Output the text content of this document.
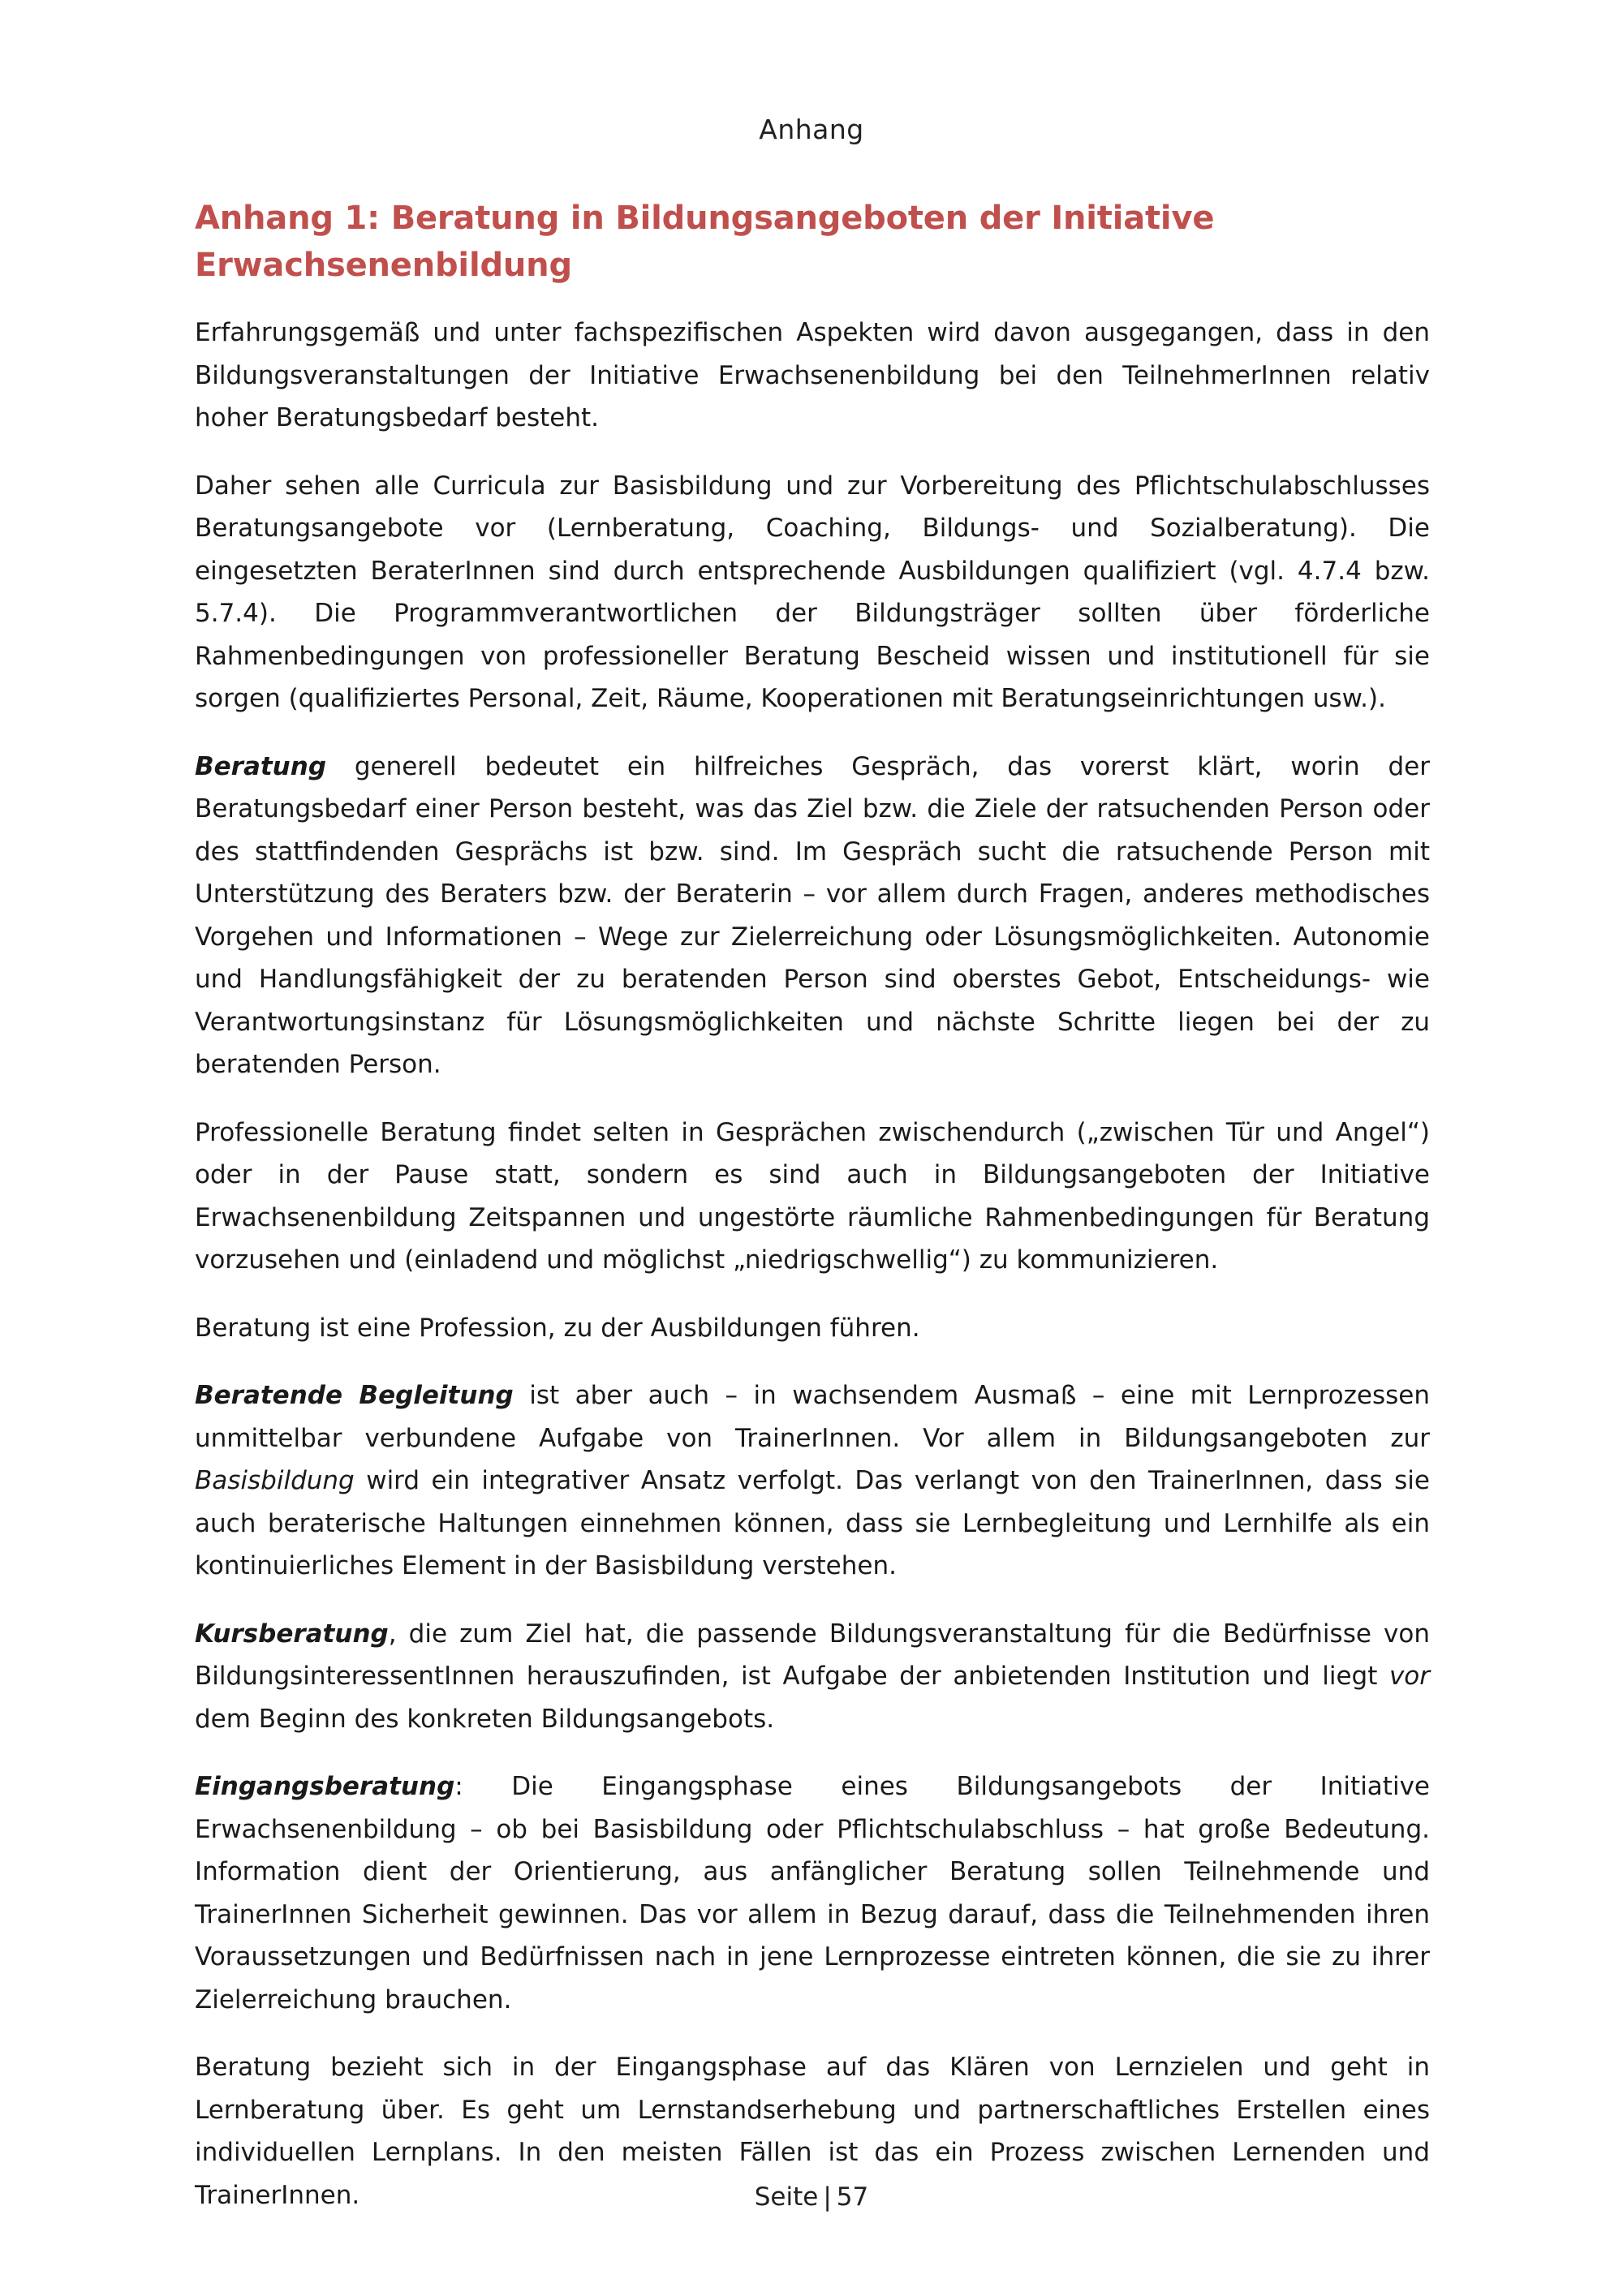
Anhang
Anhang 1: Beratung in Bildungsangeboten der Initiative Erwachsenenbildung

Erfahrungsgemäß und unter fachspezifischen Aspekten wird davon ausgegangen, dass in den Bildungsveranstaltungen der Initiative Erwachsenenbildung bei den TeilnehmerInnen relativ hoher Beratungsbedarf besteht.

Daher sehen alle Curricula zur Basisbildung und zur Vorbereitung des Pflichtschulabschlusses Beratungsangebote vor (Lernberatung, Coaching, Bildungs- und Sozialberatung). Die eingesetzten BeraterInnen sind durch entsprechende Ausbildungen qualifiziert (vgl. 4.7.4 bzw. 5.7.4). Die Programmverantwortlichen der Bildungsträger sollten über förderliche Rahmenbedingungen von professioneller Beratung Bescheid wissen und institutionell für sie sorgen (qualifiziertes Personal, Zeit, Räume, Kooperationen mit Beratungseinrichtungen usw.).

Beratung generell bedeutet ein hilfreiches Gespräch, das vorerst klärt, worin der Beratungsbedarf einer Person besteht, was das Ziel bzw. die Ziele der ratsuchenden Person oder des stattfindenden Gesprächs ist bzw. sind. Im Gespräch sucht die ratsuchende Person mit Unterstützung des Beraters bzw. der Beraterin – vor allem durch Fragen, anderes methodisches Vorgehen und Informationen – Wege zur Zielerreichung oder Lösungsmöglichkeiten. Autonomie und Handlungsfähigkeit der zu beratenden Person sind oberstes Gebot, Entscheidungs- wie Verantwortungsinstanz für Lösungsmöglichkeiten und nächste Schritte liegen bei der zu beratenden Person.

Professionelle Beratung findet selten in Gesprächen zwischendurch („zwischen Tür und Angel“) oder in der Pause statt, sondern es sind auch in Bildungsangeboten der Initiative Erwachsenenbildung Zeitspannen und ungestörte räumliche Rahmenbedingungen für Beratung vorzusehen und (einladend und möglichst „niedrigschwellig“) zu kommunizieren.

Beratung ist eine Profession, zu der Ausbildungen führen.

Beratende Begleitung ist aber auch – in wachsendem Ausmaß – eine mit Lernprozessen unmittelbar verbundene Aufgabe von TrainerInnen. Vor allem in Bildungsangeboten zur Basisbildung wird ein integrativer Ansatz verfolgt. Das verlangt von den TrainerInnen, dass sie auch beraterische Haltungen einnehmen können, dass sie Lernbegleitung und Lernhilfe als ein kontinuierliches Element in der Basisbildung verstehen.

Kursberatung, die zum Ziel hat, die passende Bildungsveranstaltung für die Bedürfnisse von BildungsinteressentInnen herauszufinden, ist Aufgabe der anbietenden Institution und liegt vor dem Beginn des konkreten Bildungsangebots.

Eingangsberatung: Die Eingangsphase eines Bildungsangebots der Initiative Erwachsenenbildung – ob bei Basisbildung oder Pflichtschulabschluss – hat große Bedeutung. Information dient der Orientierung, aus anfänglicher Beratung sollen Teilnehmende und TrainerInnen Sicherheit gewinnen. Das vor allem in Bezug darauf, dass die Teilnehmenden ihren Voraussetzungen und Bedürfnissen nach in jene Lernprozesse eintreten können, die sie zu ihrer Zielerreichung brauchen.

Beratung bezieht sich in der Eingangsphase auf das Klären von Lernzielen und geht in Lernberatung über. Es geht um Lernstandserhebung und partnerschaftliches Erstellen eines individuellen Lernplans. In den meisten Fällen ist das ein Prozess zwischen Lernenden und TrainerInnen.	Seite | 57
